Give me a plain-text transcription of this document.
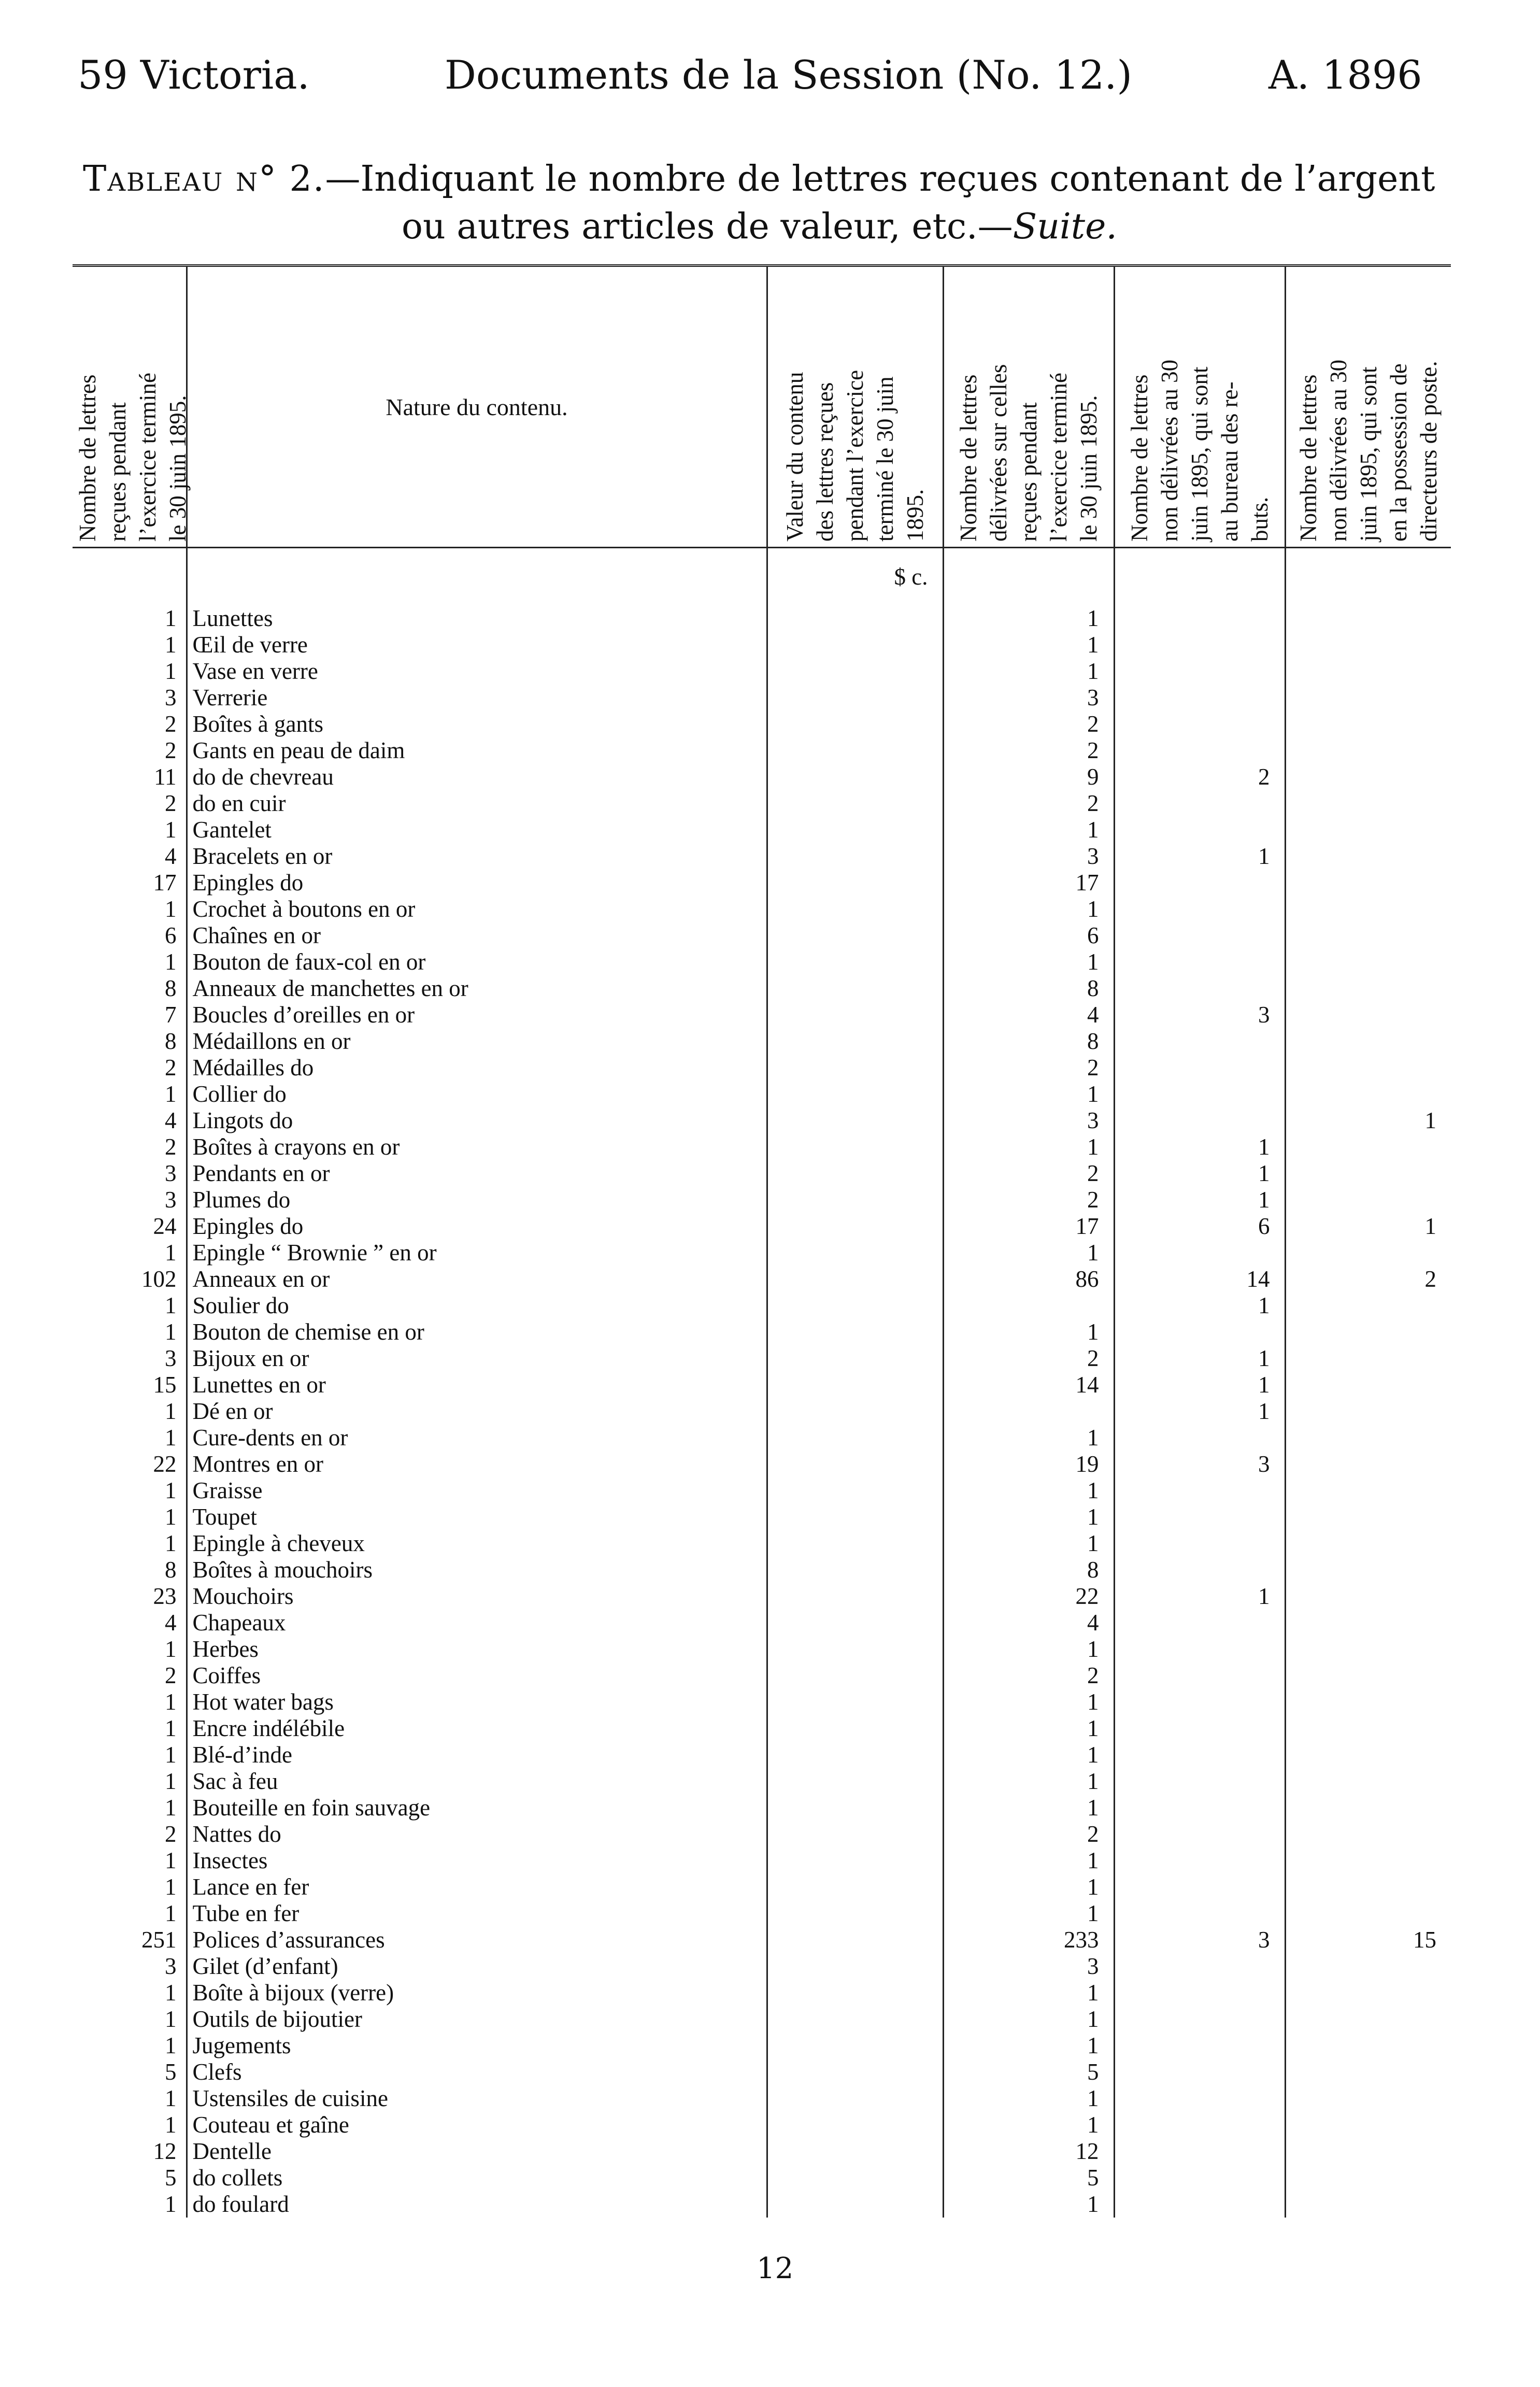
59 Victoria.	Documents de la Session (No. 12.)	A. 1896
Tableau n° 2.—Indiquant le nombre de lettres reçues contenant de l’argent
ou autres articles de valeur, etc.—Suite.
Nombre de lettres
reçues pendant
l’exercice terminé
le 30 juin 1895.	Nature du contenu.	Valeur du contenu
des lettres reçues
pendant l’exercice
terminé le 30 juin
1895.	Nombre de lettres
délivrées sur celles
reçues pendant
l’exercice terminé
le 30 juin 1895.	Nombre de lettres
non délivrées au 30
juin 1895, qui sont
au bureau des re-
buts.	Nombre de lettres
non délivrées au 30
juin 1895, qui sont
en la possession de
directeurs de poste.

		$ c.			

1	Lunettes		1		
1	Œil de verre		1		
1	Vase en verre		1		
3	Verrerie		3		
2	Boîtes à gants		2		
2	Gants en peau de daim		2		
11	do de chevreau		9	2	
2	do en cuir		2		
1	Gantelet		1		
4	Bracelets en or		3	1	
17	Epingles do		17		
1	Crochet à boutons en or		1		
6	Chaînes en or		6		
1	Bouton de faux-col en or		1		
8	Anneaux de manchettes en or		8		
7	Boucles d’oreilles en or		4	3	
8	Médaillons en or		8		
2	Médailles do		2		
1	Collier do		1		
4	Lingots do		3		1
2	Boîtes à crayons en or		1	1	
3	Pendants en or		2	1	
3	Plumes do		2	1	
24	Epingles do		17	6	1
1	Epingle “ Brownie ” en or		1		
102	Anneaux en or		86	14	2
1	Soulier do			1	
1	Bouton de chemise en or		1		
3	Bijoux en or		2	1	
15	Lunettes en or		14	1	
1	Dé en or			1	
1	Cure-dents en or		1		
22	Montres en or		19	3	
1	Graisse		1		
1	Toupet		1		
1	Epingle à cheveux		1		
8	Boîtes à mouchoirs		8		
23	Mouchoirs		22	1	
4	Chapeaux		4		
1	Herbes		1		
2	Coiffes		2		
1	Hot water bags		1		
1	Encre indélébile		1		
1	Blé-d’inde		1		
1	Sac à feu		1		
1	Bouteille en foin sauvage		1		
2	Nattes do		2		
1	Insectes		1		
1	Lance en fer		1		
1	Tube en fer		1		
251	Polices d’assurances		233	3	15
3	Gilet (d’enfant)		3		
1	Boîte à bijoux (verre)		1		
1	Outils de bijoutier		1		
1	Jugements		1		
5	Clefs		5		
1	Ustensiles de cuisine		1		
1	Couteau et gaîne		1		
12	Dentelle		12		
5	do collets		5		
1	do foulard		1		
12
